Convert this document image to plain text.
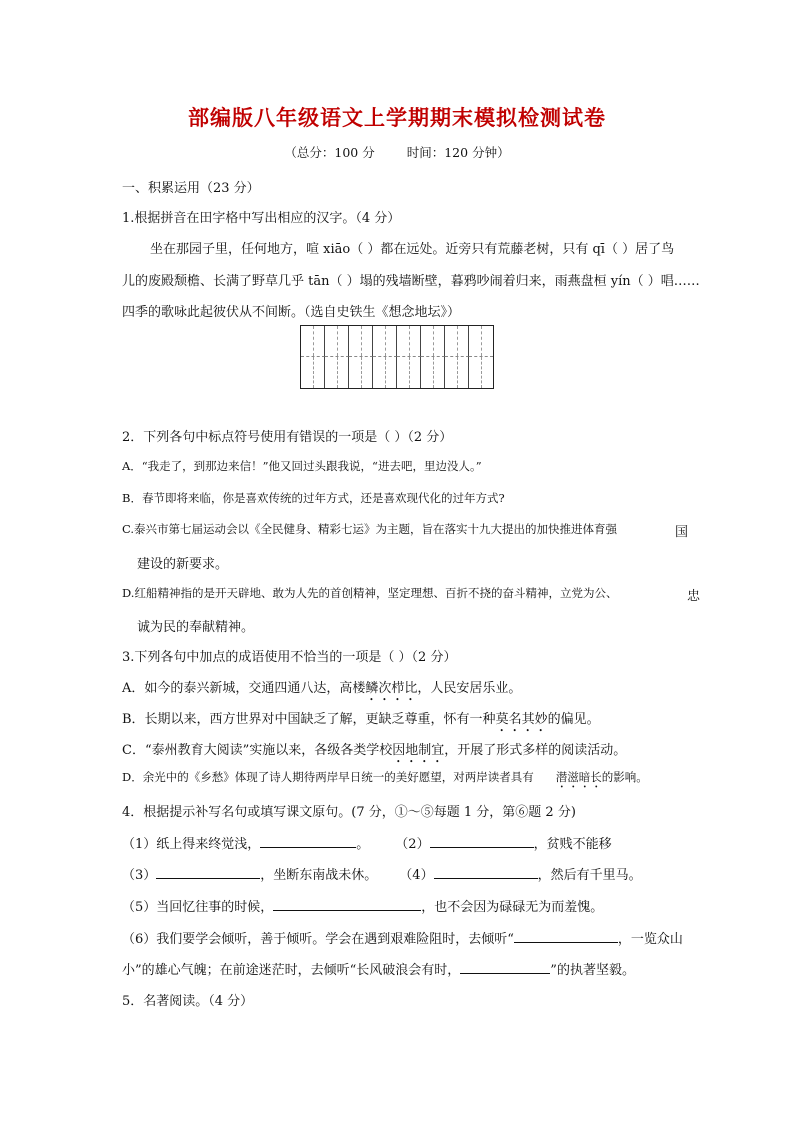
部编版八年级语文上学期期末模拟检测试卷
（总分：100 分	时间：120 分钟）
一、积累运用（23 分）
1.根据拼音在田字格中写出相应的汉字。（4 分）
坐在那园子里，任何地方，喧 xiāo（ ）都在远处。近旁只有荒藤老树，只有 qī（ ）居了鸟
儿的废殿颓檐、长满了野草几乎 tān（ ）塌的残墙断壁，暮鸦吵闹着归来，雨燕盘桓 yín（ ）唱……
四季的歌咏此起彼伏从不间断。（选自史铁生《想念地坛》）
2．下列各句中标点符号使用有错误的一项是（ ）（2 分）
A．“我走了，到那边来信！”他又回过头跟我说，“进去吧，里边没人。”
B．春节即将来临，你是喜欢传统的过年方式，还是喜欢现代化的过年方式?
C.泰兴市第七届运动会以《全民健身、精彩七运》为主题，旨在落实十九大提出的加快推进体育强	国
建设的新要求。
D.红船精神指的是开天辟地、敢为人先的首创精神，坚定理想、百折不挠的奋斗精神，立党为公、	忠
诚为民的奉献精神。
3.下列各句中加点的成语使用不恰当的一项是（ ）（2 分）
A．如今的泰兴新城，交通四通八达，高楼鳞次栉比，人民安居乐业。
B．长期以来，西方世界对中国缺乏了解，更缺乏尊重，怀有一种莫名其妙的偏见。
C．“泰州教育大阅读”实施以来，各级各类学校因地制宜，开展了形式多样的阅读活动。
D．余光中的《乡愁》体现了诗人期待两岸早日统一的美好愿望，对两岸读者具有 潜滋暗长的影响。
4．根据提示补写名句或填写课文原句。(7 分，①～⑤每题 1 分，第⑥题 2 分)
（1）纸上得来终觉浅，	。 （2）	，贫贱不能移
（3）	，坐断东南战未休。 （4）	，然后有千里马。
（5）当回忆往事的时候，	，也不会因为碌碌无为而羞愧。
（6）我们要学会倾听，善于倾听。学会在遇到艰难险阻时，去倾听“	，一览众山
小”的雄心气魄；在前途迷茫时，去倾听“长风破浪会有时，	”的执著坚毅。
5．名著阅读。（4 分）
